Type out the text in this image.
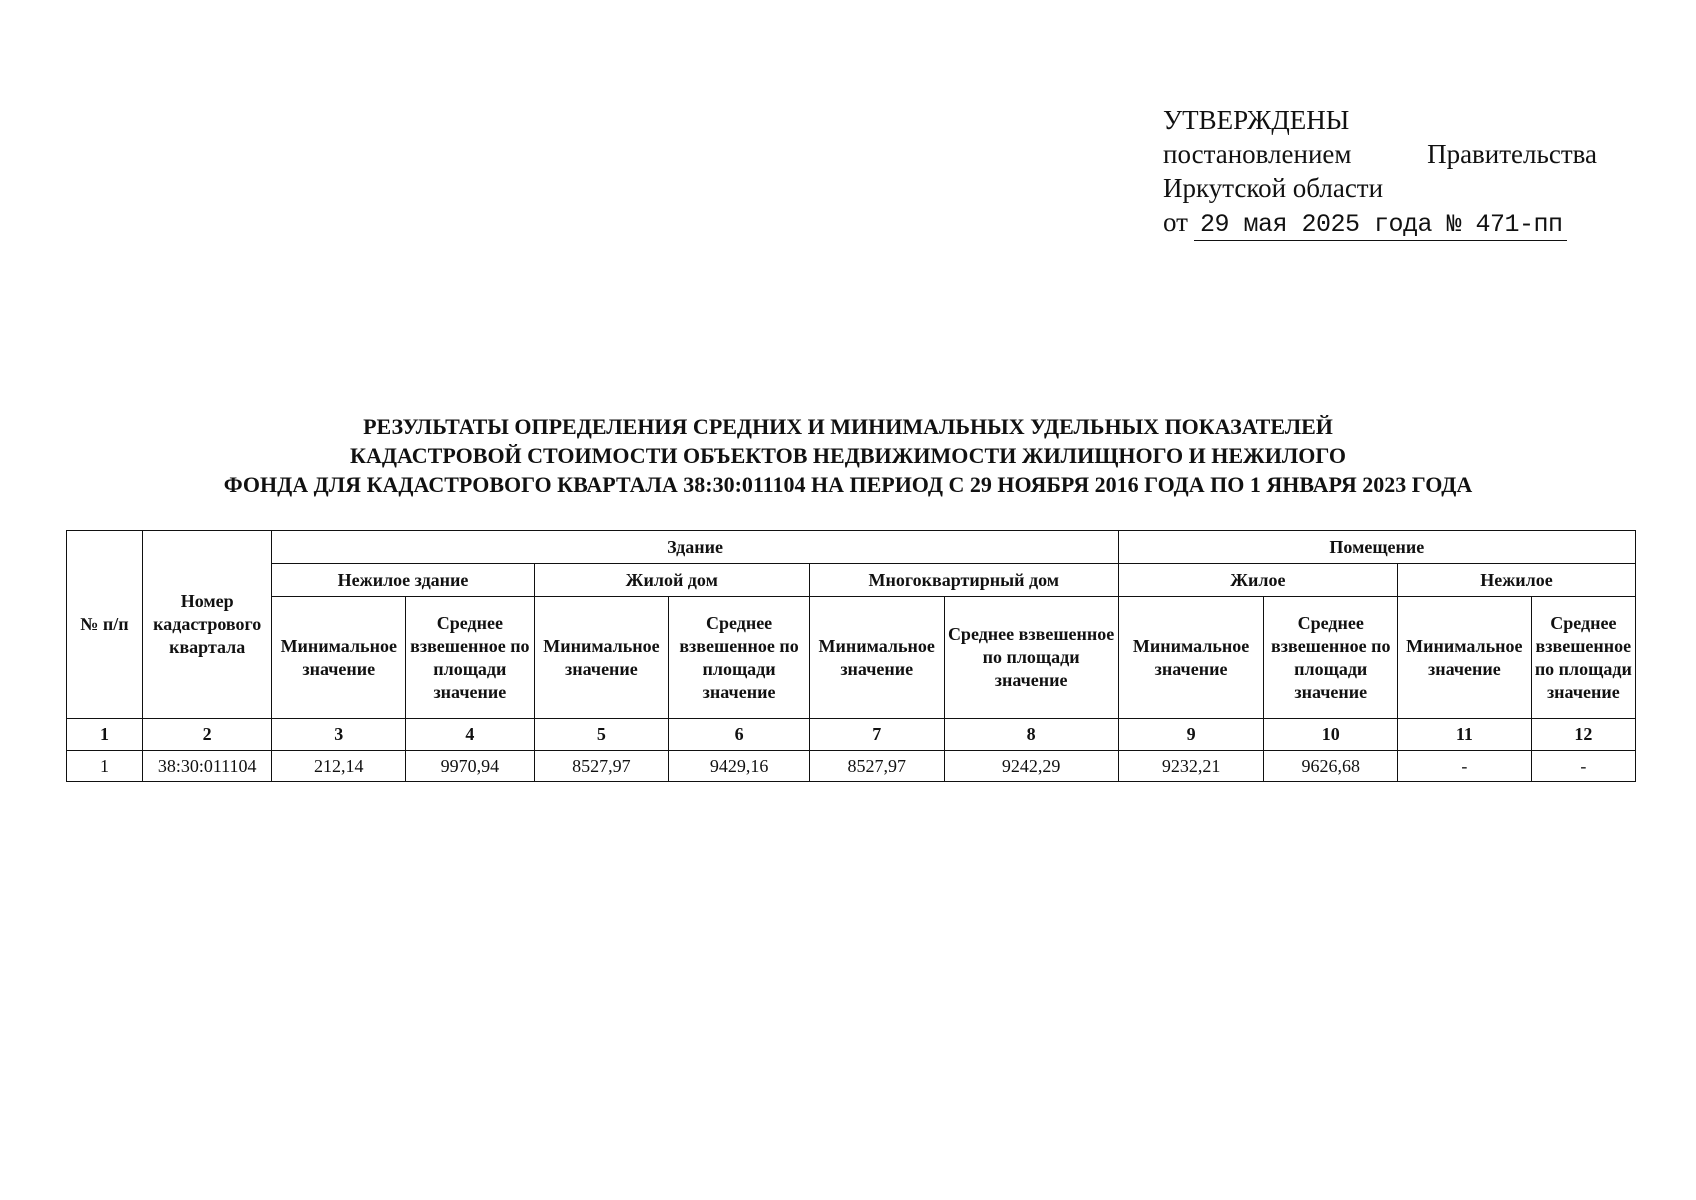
УТВЕРЖДЕНЫ
постановлением	Правительства
Иркутской области
от 29 мая 2025 года № 471-пп
РЕЗУЛЬТАТЫ ОПРЕДЕЛЕНИЯ СРЕДНИХ И МИНИМАЛЬНЫХ УДЕЛЬНЫХ ПОКАЗАТЕЛЕЙ
КАДАСТРОВОЙ СТОИМОСТИ ОБЪЕКТОВ НЕДВИЖИМОСТИ ЖИЛИЩНОГО И НЕЖИЛОГО
ФОНДА ДЛЯ КАДАСТРОВОГО КВАРТАЛА 38:30:011104 НА ПЕРИОД С 29 НОЯБРЯ 2016 ГОДА ПО 1 ЯНВАРЯ 2023 ГОДА
№ п/п	Номер кадастрового квартала	Здание						Помещение			
		Нежилое здание		Жилой дом		Многоквартирный дом		Жилое		Нежилое	
		Минимальное значение	Среднее взвешенное по площади значение	Минимальное значение	Среднее взвешенное по площади значение	Минимальное значение	Среднее взвешенное по площади значение	Минимальное значение	Среднее взвешенное по площади значение	Минимальное значение	Среднее взвешенное по площади значение
1	2	3	4	5	6	7	8	9	10	11	12
1	38:30:011104	212,14	9970,94	8527,97	9429,16	8527,97	9242,29	9232,21	9626,68	-	-
